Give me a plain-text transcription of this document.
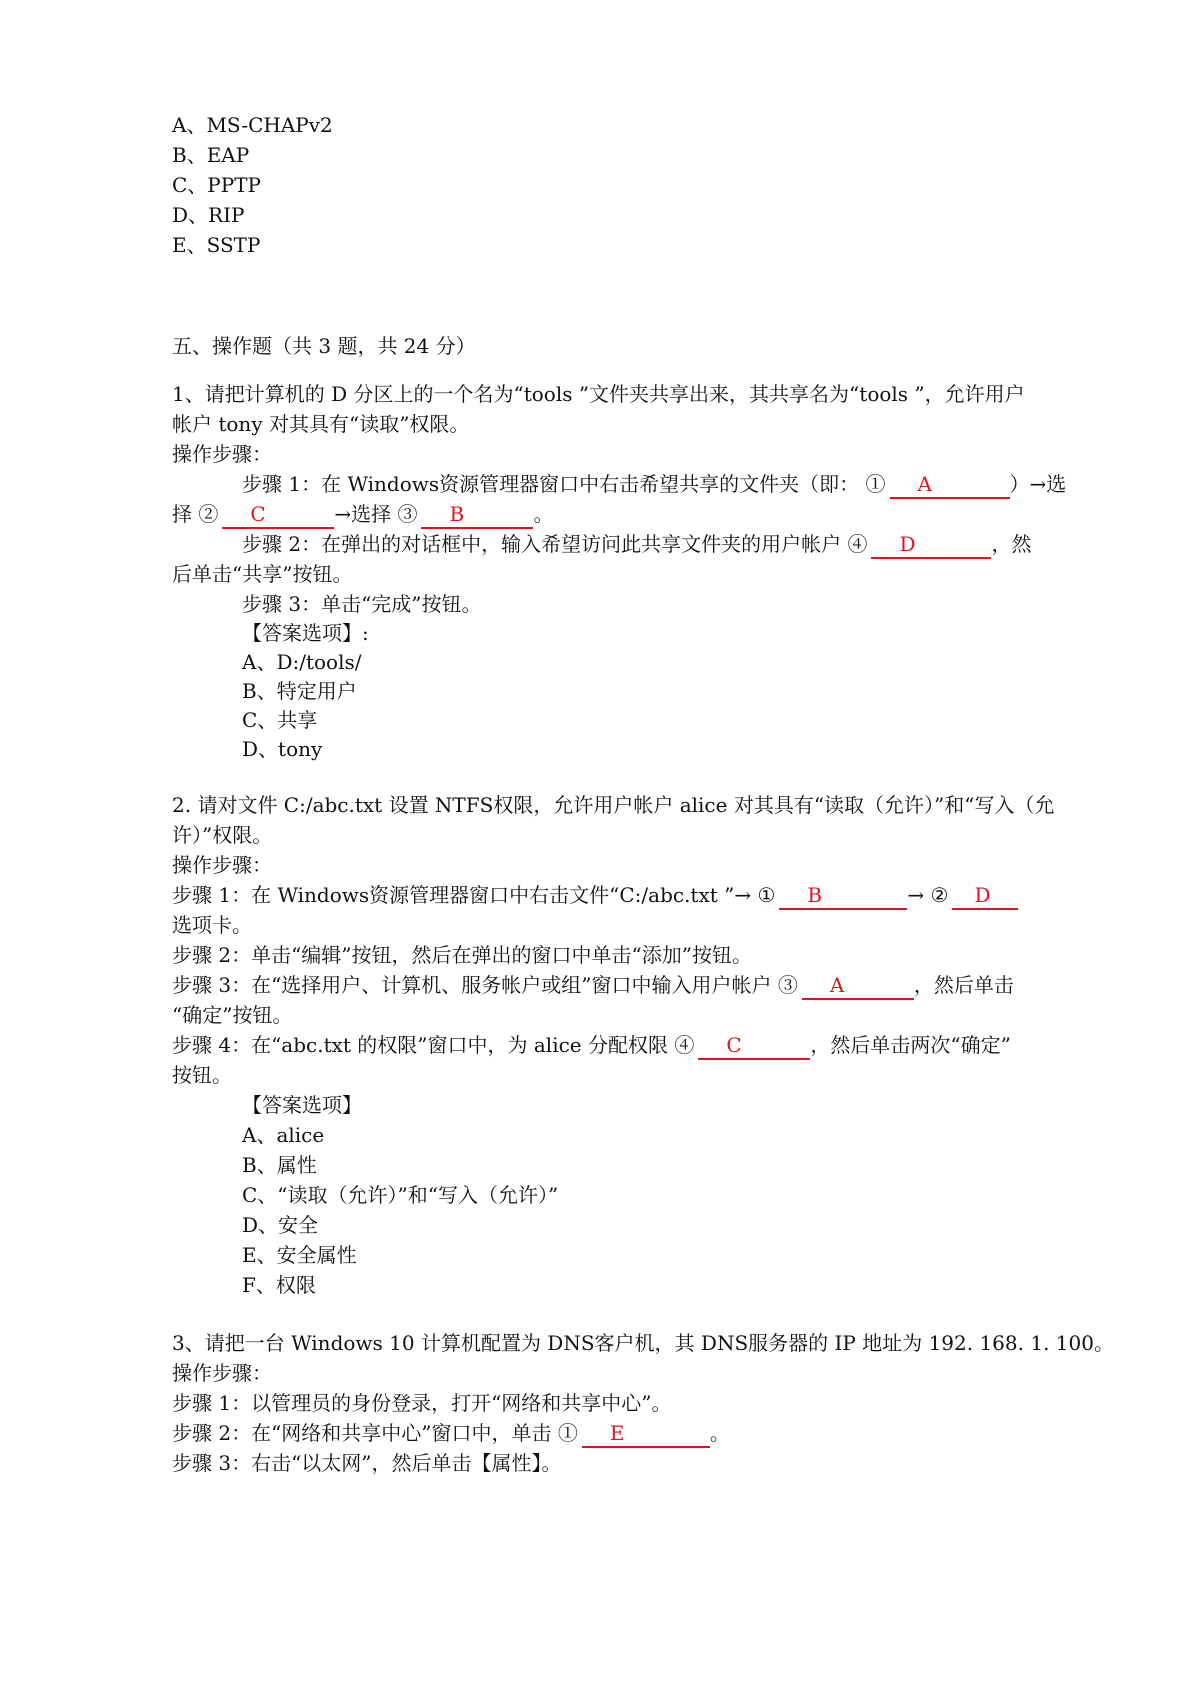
A、MS-CHAPv2
B、EAP
C、PPTP
D、RIP
E、SSTP
五、操作题（共 3 题，共 24 分）
1、请把计算机的 D 分区上的一个名为“tools ”文件夹共享出来，其共享名为“tools ”，允许用户
帐户 tony 对其具有“读取”权限。
操作步骤：
步骤 1：在 Windows资源管理器窗口中右击希望共享的文件夹（即： ① A	）→选
择 ② C	→选择 ③ B	。
步骤 2：在弹出的对话框中，输入希望访问此共享文件夹的用户帐户 ④ D	，然
后单击“共享”按钮。
步骤 3：单击“完成”按钮。
【答案选项】:
A、D:/tools/
B、特定用户
C、共享
D、tony
2. 请对文件 C:/abc.txt 设置 NTFS权限，允许用户帐户 alice 对其具有“读取（允许）”和“写入（允
许）”权限。
操作步骤：
步骤 1：在 Windows资源管理器窗口中右击文件“C:/abc.txt ”→ ① B	→ ② D
选项卡。
步骤 2：单击“编辑”按钮，然后在弹出的窗口中单击“添加”按钮。
步骤 3：在“选择用户、计算机、服务帐户或组”窗口中输入用户帐户 ③ A	，然后单击
“确定”按钮。
步骤 4：在“abc.txt 的权限”窗口中，为 alice 分配权限 ④ C	，然后单击两次“确定”
按钮。
【答案选项】
A、alice
B、属性
C、“读取（允许）”和“写入（允许）”
D、安全
E、安全属性
F、权限
3、请把一台 Windows 10 计算机配置为 DNS客户机，其 DNS服务器的 IP 地址为 192. 168. 1. 100。
操作步骤：
步骤 1：以管理员的身份登录，打开“网络和共享中心”。
步骤 2：在“网络和共享中心”窗口中，单击 ① E	。
步骤 3：右击“以太网”，然后单击【属性】。
